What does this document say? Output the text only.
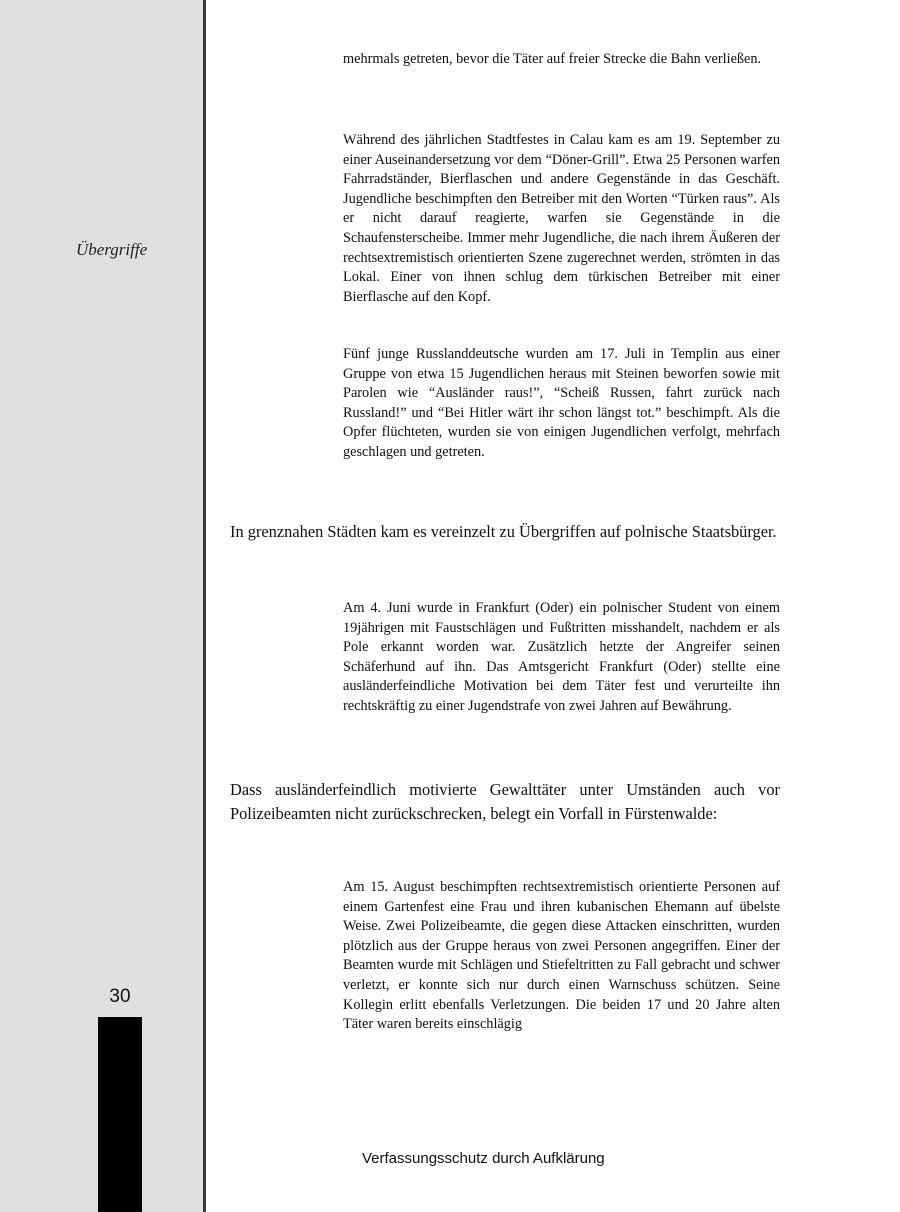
Übergriffe
30

mehrmals getreten, bevor die Täter auf freier Strecke die Bahn verließen.

Während des jährlichen Stadtfestes in Calau kam es am 19. September zu einer Auseinandersetzung vor dem “Döner-Grill”. Etwa 25 Personen warfen Fahrradständer, Bierflaschen und andere Gegenstände in das Geschäft. Jugendliche beschimpften den Betreiber mit den Worten “Türken raus”. Als er nicht darauf reagierte, warfen sie Gegenstände in die Schaufensterscheibe. Immer mehr Jugendliche, die nach ihrem Äußeren der rechtsextremistisch orientierten Szene zugerechnet werden, strömten in das Lokal. Einer von ihnen schlug dem türkischen Betreiber mit einer Bierflasche auf den Kopf.

Fünf junge Russlanddeutsche wurden am 17. Juli in Templin aus einer Gruppe von etwa 15 Jugendlichen heraus mit Steinen beworfen sowie mit Parolen wie “Ausländer raus!”, “Scheiß Russen, fahrt zurück nach Russland!” und “Bei Hitler wärt ihr schon längst tot.” beschimpft. Als die Opfer flüchteten, wurden sie von einigen Jugendlichen verfolgt, mehrfach geschlagen und getreten.

In grenznahen Städten kam es vereinzelt zu Übergriffen auf polnische Staatsbürger.

Am 4. Juni wurde in Frankfurt (Oder) ein polnischer Student von einem 19jährigen mit Faustschlägen und Fußtritten misshandelt, nachdem er als Pole erkannt worden war. Zusätzlich hetzte der Angreifer seinen Schäferhund auf ihn. Das Amtsgericht Frankfurt (Oder) stellte eine ausländerfeindliche Motivation bei dem Täter fest und verurteilte ihn rechtskräftig zu einer Jugendstrafe von zwei Jahren auf Bewährung.

Dass ausländerfeindlich motivierte Gewalttäter unter Umständen auch vor Polizeibeamten nicht zurückschrecken, belegt ein Vorfall in Fürstenwalde:

Am 15. August beschimpften rechtsextremistisch orientierte Personen auf einem Gartenfest eine Frau und ihren kubanischen Ehemann auf übelste Weise. Zwei Polizeibeamte, die gegen diese Attacken einschritten, wurden plötzlich aus der Gruppe heraus von zwei Personen angegriffen. Einer der Beamten wurde mit Schlägen und Stiefeltritten zu Fall gebracht und schwer verletzt, er konnte sich nur durch einen Warnschuss schützen. Seine Kollegin erlitt ebenfalls Verletzungen. Die beiden 17 und 20 Jahre alten Täter waren bereits einschlägig

Verfassungsschutz durch Aufklärung
